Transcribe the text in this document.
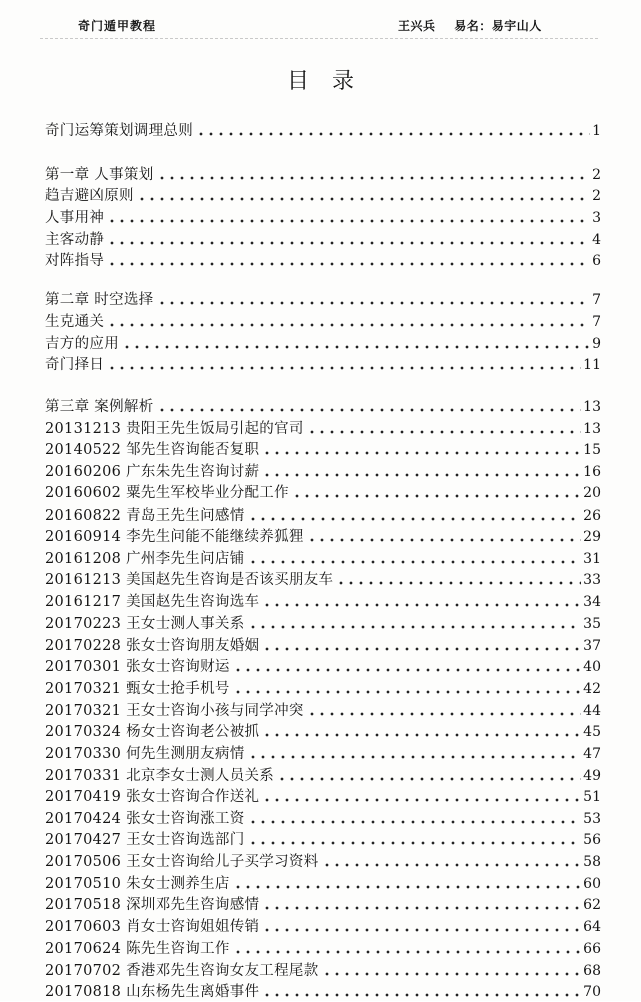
奇门遁甲教程	王兴兵    易名：易宇山人
目 录
奇门运筹策划调理总则	1
第一章 人事策划	2
趋吉避凶原则	2
人事用神	3
主客动静	4
对阵指导	6
第二章 时空选择	7
生克通关	7
吉方的应用	9
奇门择日	11
第三章 案例解析	13
20131213 贵阳王先生饭局引起的官司	13
20140522 邹先生咨询能否复职	15
20160206 广东朱先生咨询讨薪	16
20160602 粟先生军校毕业分配工作	20
20160822 青岛王先生问感情	26
20160914 李先生问能不能继续养狐狸	29
20161208 广州李先生问店铺	31
20161213 美国赵先生咨询是否该买朋友车	33
20161217 美国赵先生咨询选车	34
20170223 王女士测人事关系	35
20170228 张女士咨询朋友婚姻	37
20170301 张女士咨询财运	40
20170321 甄女士抢手机号	42
20170321 王女士咨询小孩与同学冲突	44
20170324 杨女士咨询老公被抓	45
20170330 何先生测朋友病情	47
20170331 北京李女士测人员关系	49
20170419 张女士咨询合作送礼	51
20170424 张女士咨询涨工资	53
20170427 王女士咨询选部门	56
20170506 王女士咨询给儿子买学习资料	58
20170510 朱女士测养生店	60
20170518 深圳邓先生咨询感情	62
20170603 肖女士咨询姐姐传销	64
20170624 陈先生咨询工作	66
20170702 香港邓先生咨询女友工程尾款	68
20170818 山东杨先生离婚事件	70
